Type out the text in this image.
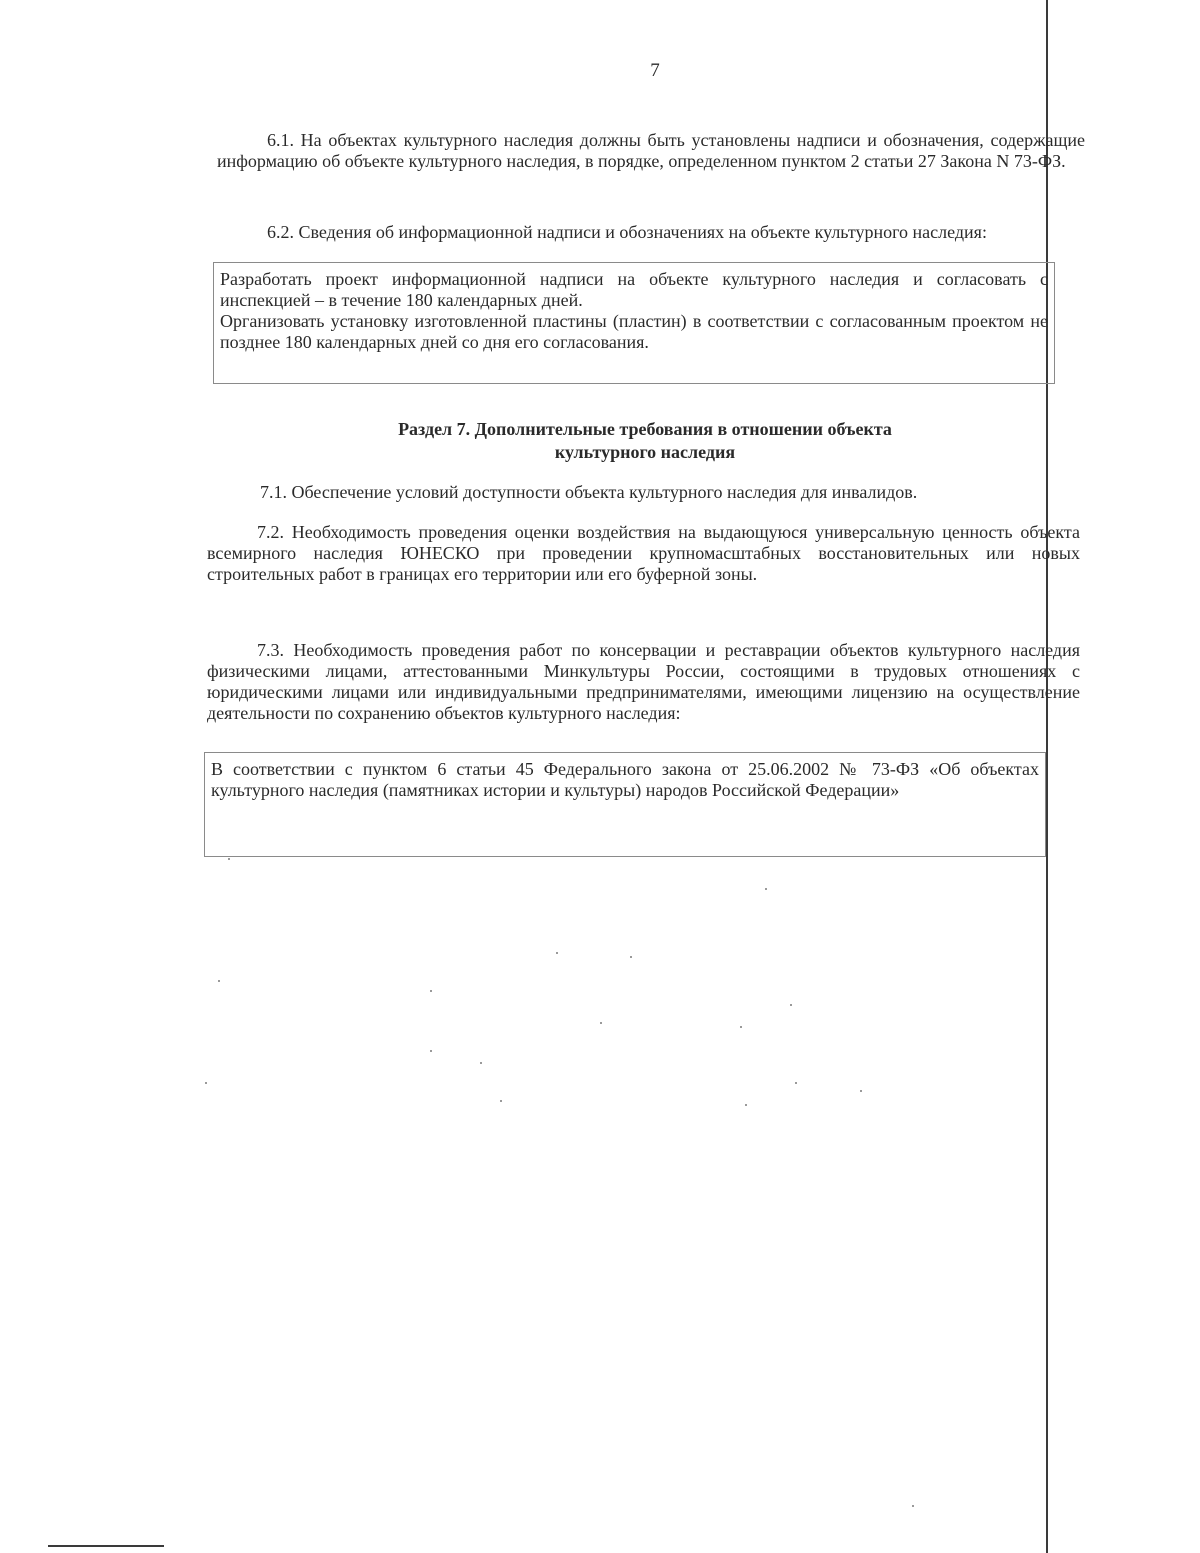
7
6.1. На объектах культурного наследия должны быть установлены надписи и обозначения, содержащие информацию об объекте культурного наследия, в порядке, определенном пунктом 2 статьи 27 Закона N 73-ФЗ.
6.2. Сведения об информационной надписи и обозначениях на объекте культурного наследия:
Разработать проект информационной надписи на объекте культурного наследия и согласовать с инспекцией – в течение 180 календарных дней.
Организовать установку изготовленной пластины (пластин) в соответствии с согласованным проектом не позднее 180 календарных дней со дня его согласования.
Раздел 7. Дополнительные требования в отношении объекта
культурного наследия
7.1. Обеспечение условий доступности объекта культурного наследия для инвалидов.
7.2. Необходимость проведения оценки воздействия на выдающуюся универсальную ценность объекта всемирного наследия ЮНЕСКО при проведении крупномасштабных восстановительных или новых строительных работ в границах его территории или его буферной зоны.
7.3. Необходимость проведения работ по консервации и реставрации объектов культурного наследия физическими лицами, аттестованными Минкультуры России, состоящими в трудовых отношениях с юридическими лицами или индивидуальными предпринимателями, имеющими лицензию на осуществление деятельности по сохранению объектов культурного наследия:
В соответствии с пунктом 6 статьи 45 Федерального закона от 25.06.2002 № 73-ФЗ «Об объектах культурного наследия (памятниках истории и культуры) народов Российской Федерации»
